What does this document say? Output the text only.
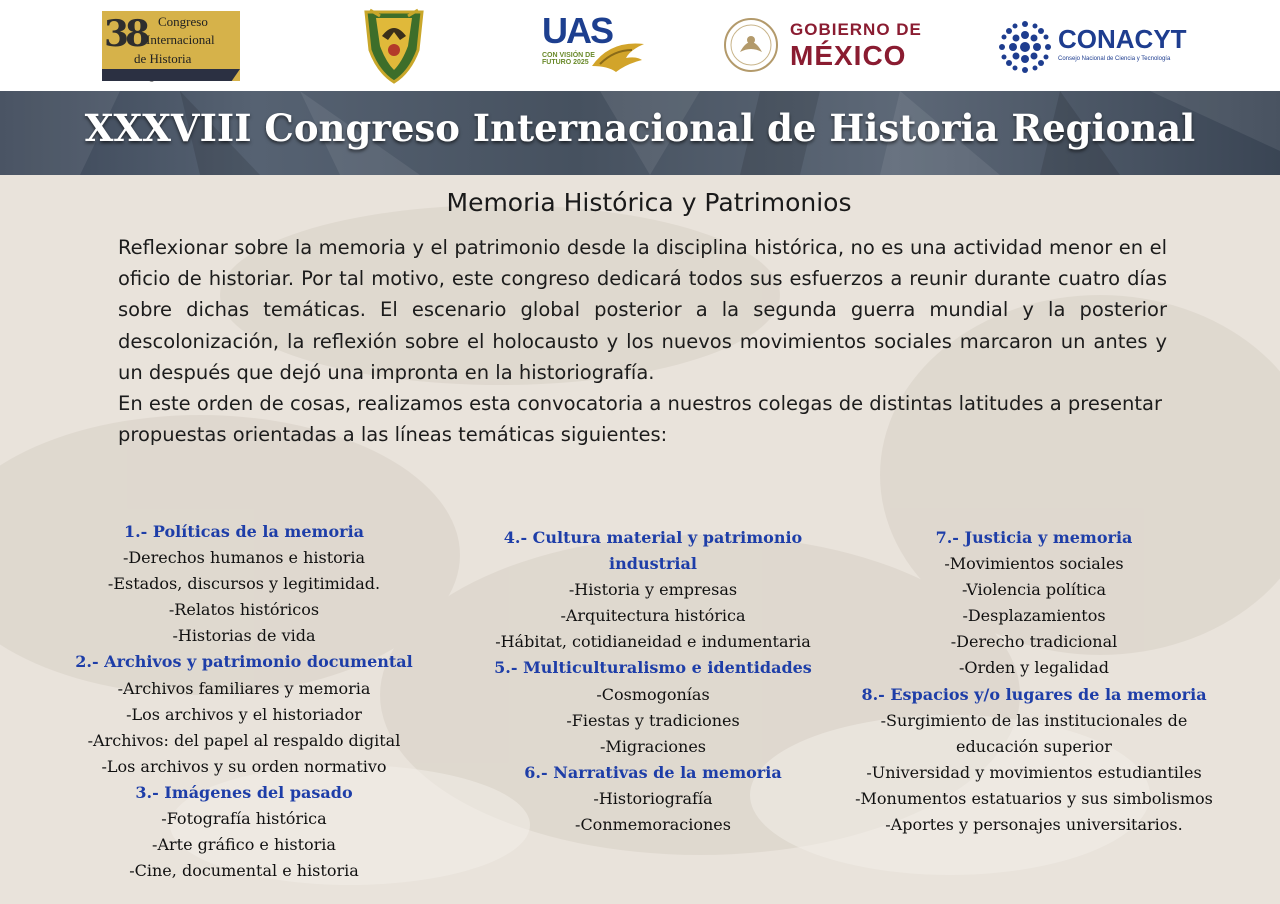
38 Congreso
Internacional
de Historia
UAS
CON VISIÓN DE FUTURO 2025
GOBIERNO DE
MÉXICO
CONACYT
Consejo Nacional de Ciencia y Tecnología
XXXVIII Congreso Internacional de Historia Regional
Memoria Histórica y Patrimonios

Reflexionar sobre la memoria y el patrimonio desde la disciplina histórica, no es una actividad menor en el oficio de historiar. Por tal motivo, este congreso dedicará todos sus esfuerzos a reunir durante cuatro días sobre dichas temáticas. El escenario global posterior a la segunda guerra mundial y la posterior descolonización, la reflexión sobre el holocausto y los nuevos movimientos sociales marcaron un antes y un después que dejó una impronta en la historiografía.

En este orden de cosas, realizamos esta convocatoria a nuestros colegas de distintas latitudes a presentar propuestas orientadas a las líneas temáticas siguientes:

1.- Políticas de la memoria
-Derechos humanos e historia
-Estados, discursos y legitimidad.
-Relatos históricos
-Historias de vida
2.- Archivos y patrimonio documental
-Archivos familiares y memoria
-Los archivos y el historiador
-Archivos: del papel al respaldo digital
-Los archivos y su orden normativo
3.- Imágenes del pasado
-Fotografía histórica
-Arte gráfico e historia
-Cine, documental e historia
4.- Cultura material y patrimonio industrial
-Historia y empresas
-Arquitectura histórica
-Hábitat, cotidianeidad e indumentaria
5.- Multiculturalismo e identidades
-Cosmogonías
-Fiestas y tradiciones
-Migraciones
6.- Narrativas de la memoria
-Historiografía
-Conmemoraciones
7.- Justicia y memoria
-Movimientos sociales
-Violencia política
-Desplazamientos
-Derecho tradicional
-Orden y legalidad
8.- Espacios y/o lugares de la memoria
-Surgimiento de las institucionales de educación superior
-Universidad y movimientos estudiantiles
-Monumentos estatuarios y sus simbolismos
-Aportes y personajes universitarios.
